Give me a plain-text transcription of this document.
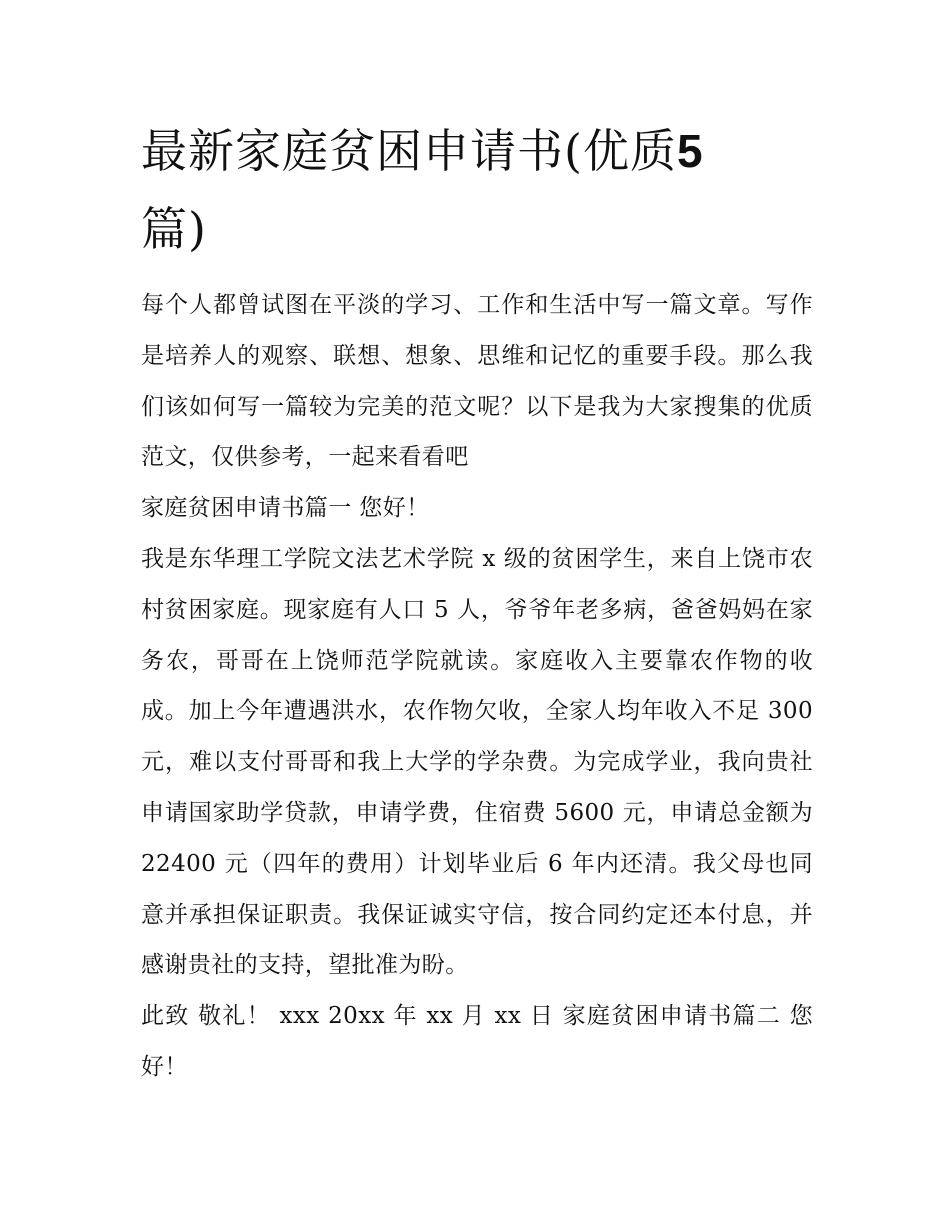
最新家庭贫困申请书(优质5
篇)

每个人都曾试图在平淡的学习、工作和生活中写一篇文章。写作是培养人的观察、联想、想象、思维和记忆的重要手段。那么我们该如何写一篇较为完美的范文呢？以下是我为大家搜集的优质范文，仅供参考，一起来看看吧

家庭贫困申请书篇一 您好！

我是东华理工学院文法艺术学院 x 级的贫困学生，来自上饶市农村贫困家庭。现家庭有人口 5 人，爷爷年老多病，爸爸妈妈在家务农，哥哥在上饶师范学院就读。家庭收入主要靠农作物的收成。加上今年遭遇洪水，农作物欠收，全家人均年收入不足 300 元，难以支付哥哥和我上大学的学杂费。为完成学业，我向贵社申请国家助学贷款，申请学费，住宿费 5600 元，申请总金额为 22400 元（四年的费用）计划毕业后 6 年内还清。我父母也同意并承担保证职责。我保证诚实守信，按合同约定还本付息，并感谢贵社的支持，望批准为盼。

此致 敬礼！ xxx 20xx 年 xx 月 xx 日 家庭贫困申请书篇二 您好！
